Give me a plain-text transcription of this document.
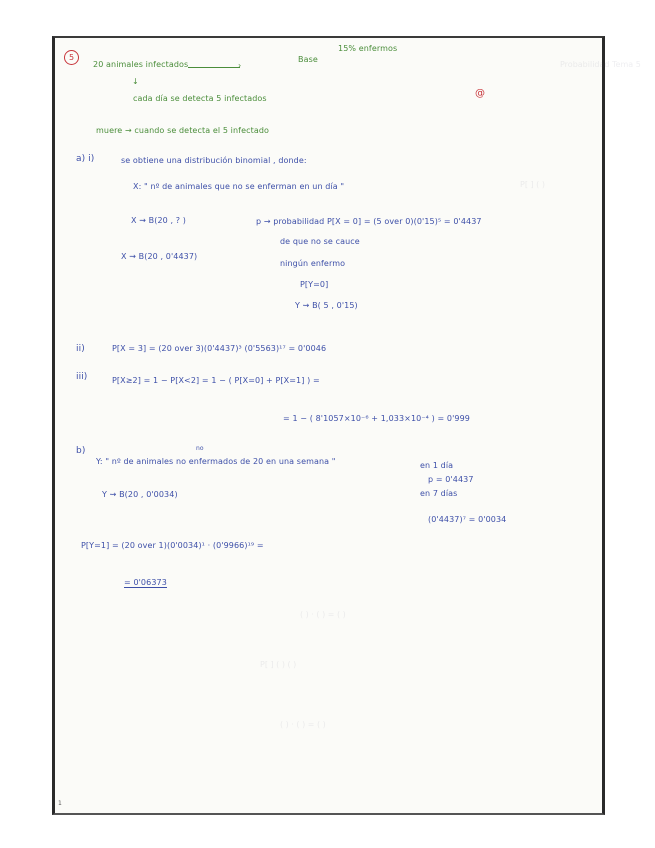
Probabilidad Tema 5
P[ ] ( )
( ) · ( ) = ( )
P[ ] ( ) ( )
( ) · ( ) = ( )
5
20 animales infectados	›
Base
15% enfermos
↓
cada día se detecta 5 infectados	@
muere → cuando se detecta el 5 infectado
a) i)	se obtiene una distribución binomial , donde:
X: " nº de animales que no se enferman en un día "
X ⇝ B(20 , ? )	p → probabilidad P[X = 0] = (5 over 0)(0'15)⁵ = 0'4437
de que no se cauce
X ⇝ B(20 , 0'4437)
ningún enfermo
P[Y=0]
Y ⇝ B( 5 , 0'15)
ii)	P[X = 3] = (20 over 3)(0'4437)³ (0'5563)¹⁷ = 0'0046
iii)	P[X≥2] = 1 − P[X<2] = 1 − ( P[X=0] + P[X=1] ) =
= 1 − ( 8'1057×10⁻⁶ + 1,033×10⁻⁴ ) = 0'999
b)	no
Y: " nº de animales no enfermados de 20 en una semana "	en 1 día
p = 0'4437
Y ⇝ B(20 , 0'0034)	en 7 días
(0'4437)⁷ = 0'0034
P[Y=1] = (20 over 1)(0'0034)¹ · (0'9966)¹⁹ =
= 0'06373
1
